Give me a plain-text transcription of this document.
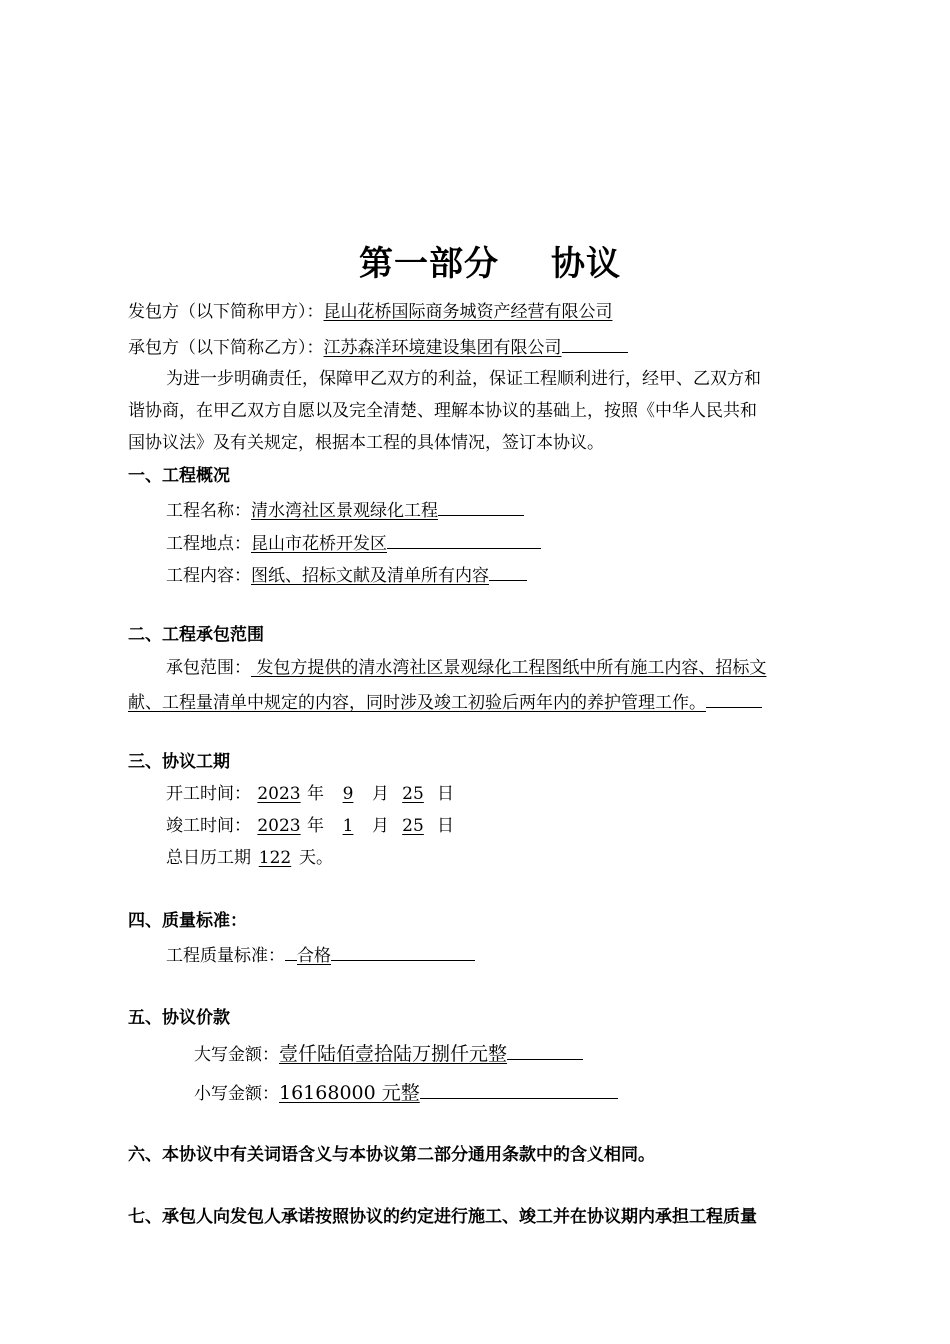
第一部分 协议
发包方（以下简称甲方）：昆山花桥国际商务城资产经营有限公司
承包方（以下简称乙方）：江苏森洋环境建设集团有限公司
为进一步明确责任，保障甲乙双方的利益，保证工程顺利进行，经甲、乙双方和
谐协商，在甲乙双方自愿以及完全清楚、理解本协议的基础上，按照《中华人民共和
国协议法》及有关规定，根据本工程的具体情况，签订本协议。
一、工程概况
工程名称：清水湾社区景观绿化工程
工程地点：昆山市花桥开发区
工程内容：图纸、招标文献及清单所有内容
二、工程承包范围
承包范围： 发包方提供的清水湾社区景观绿化工程图纸中所有施工内容、招标文
献、工程量清单中规定的内容，同时涉及竣工初验后两年内的养护管理工作。
三、协议工期
开工时间： 2023 年 9 月 25 日
竣工时间： 2023 年 1 月 25 日
总日历工期 122 天。
四、质量标准：
工程质量标准： 合格
五、协议价款
大写金额：壹仟陆佰壹拾陆万捌仟元整
小写金额：16168000 元整
六、本协议中有关词语含义与本协议第二部分通用条款中的含义相同。
七、承包人向发包人承诺按照协议的约定进行施工、竣工并在协议期内承担工程质量
